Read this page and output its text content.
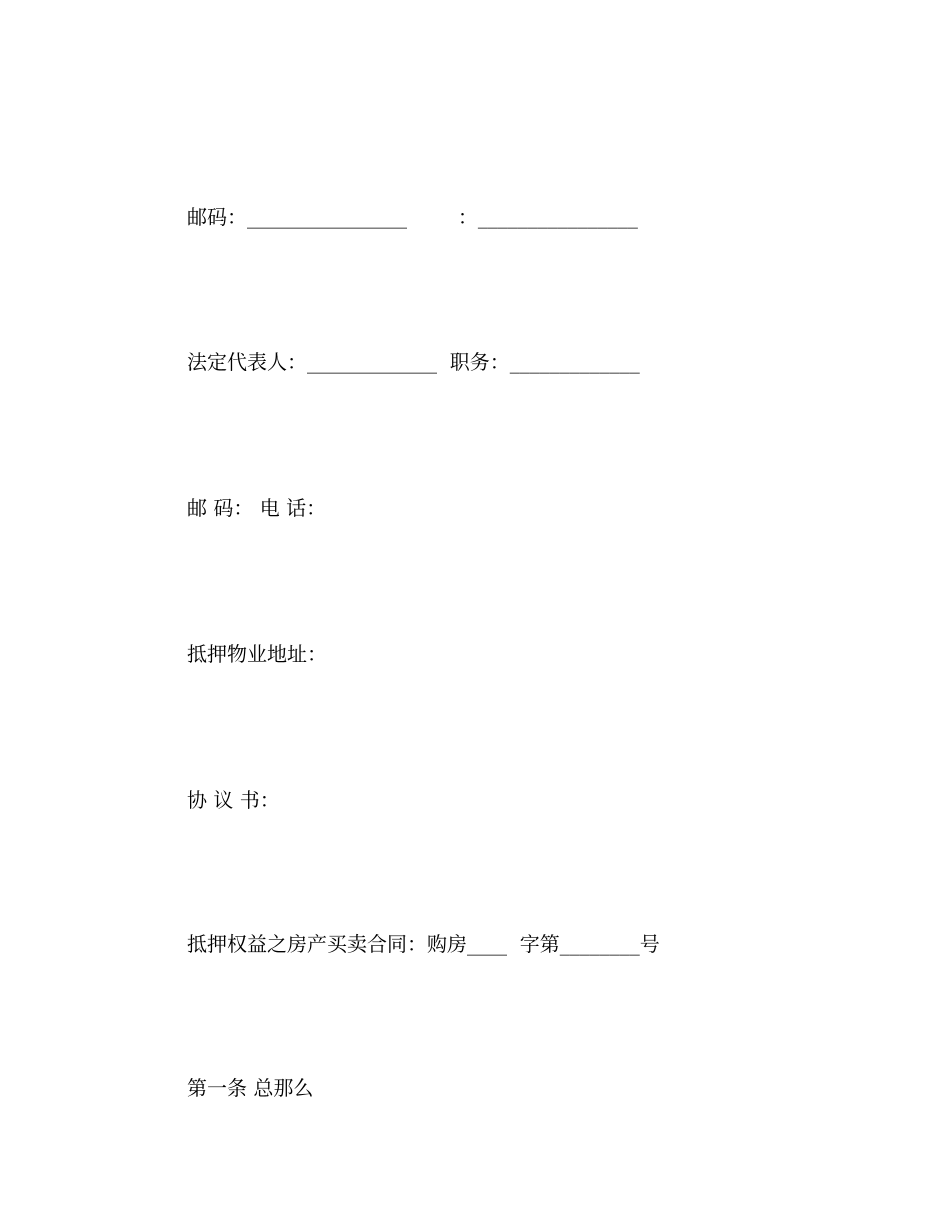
邮码：________________        ：________________
法定代表人：_____________  职务：_____________
邮 码： 电 话：
抵押物业地址：
协 议 书：
抵押权益之房产买卖合同：购房____  字第________号
第一条 总那么
